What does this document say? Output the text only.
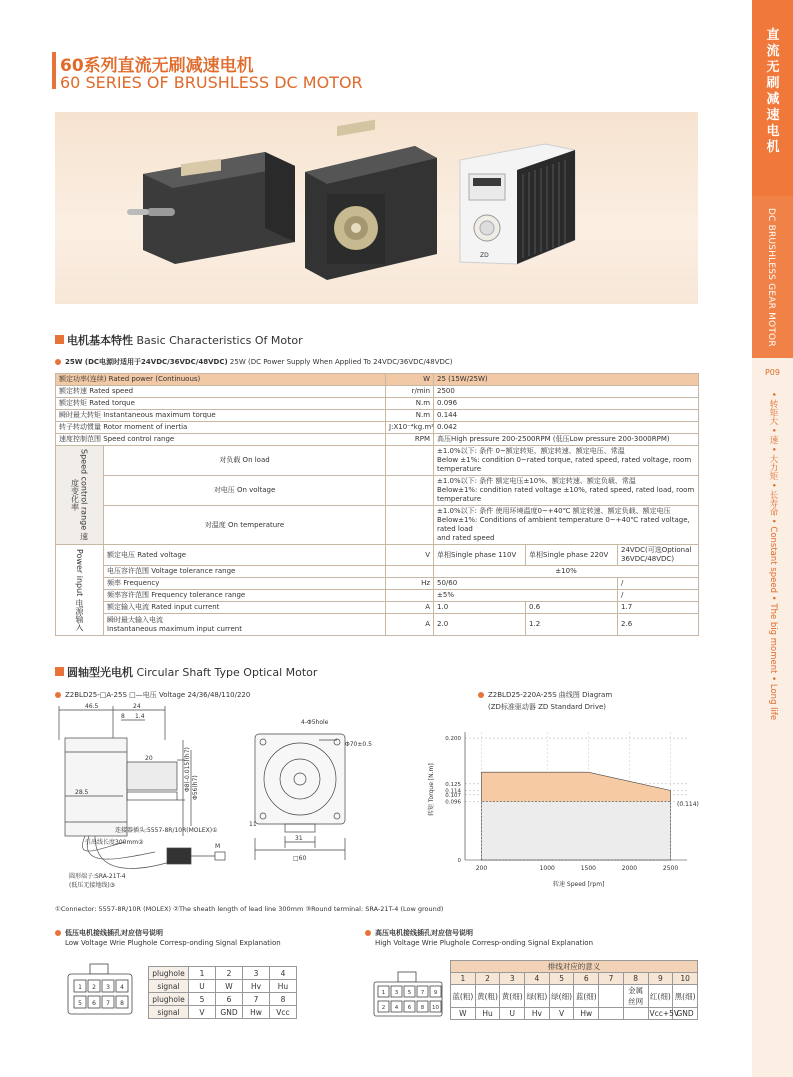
直流无刷减速电机
DC BRUSHLESS GEAR MOTOR
P09
• 转矩大 • 速 • 大力矩 • 长寿命 • Constant speed • The big moment • Long life
60系列直流无刷减速电机
60 SERIES OF BRUSHLESS DC MOTOR
ZD
电机基本特性 Basic Characteristics Of Motor
25W (DC电源时适用于24VDC/36VDC/48VDC) 25W (DC Power Supply When Applied To 24VDC/36VDC/48VDC)
额定功率(连续) Rated power (Continuous)		W	25 (15W/25W)		
额定转速 Rated speed		r/min	2500		
额定转矩 Rated torque		N.m	0.096		
瞬时最大转矩 Instantaneous maximum torque		N.m	0.144		
转子转动惯量 Rotor moment of inertia		J:X10⁻⁴kg.m²	0.042		
速度控制范围 Speed control range		RPM	高压High pressure 200-2500RPM (低压Low pressure 200-3000RPM)		
Speed control range 速度变化率	对负载 On load		±1.0%以下: 条件 0~额定转矩、额定转速、额定电压、常温
Below ±1%: condition 0~rated torque, rated speed, rated voltage, room temperature		

	对电压 On voltage		±1.0%以下: 条件 额定电压±10%、额定转速、额定负载、常温
Below±1%: condition rated voltage ±10%, rated speed, rated load, room temperature		

	对温度 On temperature		±1.0%以下: 条件 使用环境温度0~+40℃ 额定转速、额定负载、额定电压
Below±1%: Conditions of ambient temperature 0~+40℃ rated voltage, rated load
and rated speed		

Power input 电源输入	额定电压 Rated voltage	V	单相Single phase 110V	单相Single phase 220V	24VDC(可选Optional 36VDC/48VDC)
	电压容许范围 Voltage tolerance range		±10%		
	频率 Frequency	Hz	50/60		/
	频率容许范围 Frequency tolerance range		±5%		/
	额定输入电流 Rated input current	A	1.0	0.6	1.7

	瞬时最大输入电流
Instantaneous maximum input current	A	2.0	1.2	2.6
圆轴型光电机 Circular Shaft Type Optical Motor
Z2BLD25-□A-25S □—电压 Voltage 24/36/48/110/220
46.5	24
8 1.4
20
28.5
Φ8(-0.015)(h7) Φ56(h7)
4-Φ5hole
Φ70±0.5
31
□60
11
M
连接器插头:5557-8R/10R(MOLEX)①
引出线长度300mm②
圆形端子:SRA-21T-4
(低压无接地线)③
Z2BLD25-220A-25S 曲线图 Diagram
(ZD标准驱动器 ZD Standard Drive)
200	1000	1500	2000	2500
0
0.096
0.107
0.114
0.125
0.200
转矩 Torque [N.m]
转速 Speed [rpm]
(0.114)
①Connector: 5557-8R/10R (MOLEX) ②The sheath length of lead line 300mm ③Round terminal: SRA-21T-4 (Low ground)
低压电机接线插孔对应信号说明
Low Voltage Wrie Plughole Corresp-onding Signal Explanation
1 2 3 4
5 6 7 8
plughole	1	2	3	4
signal	U	W	Hv	Hu
plughole	5	6	7	8
signal	V	GND	Hw	Vcc
高压电机接线插孔对应信号说明
High Voltage Wrie Plughole Corresp-onding Signal Explanation
1 3 5 7 9
2 4 6 8 10
排线对应的意义									
1	2	3	4	5	6	7	8	9	10
蓝(粗)	黄(粗)	黄(细)	绿(粗)	绿(细)	蓝(细)		金属丝网	红(细)	黑(细)
W	Hu	U	Hv	V	Hw			Vcc+5V	GND
